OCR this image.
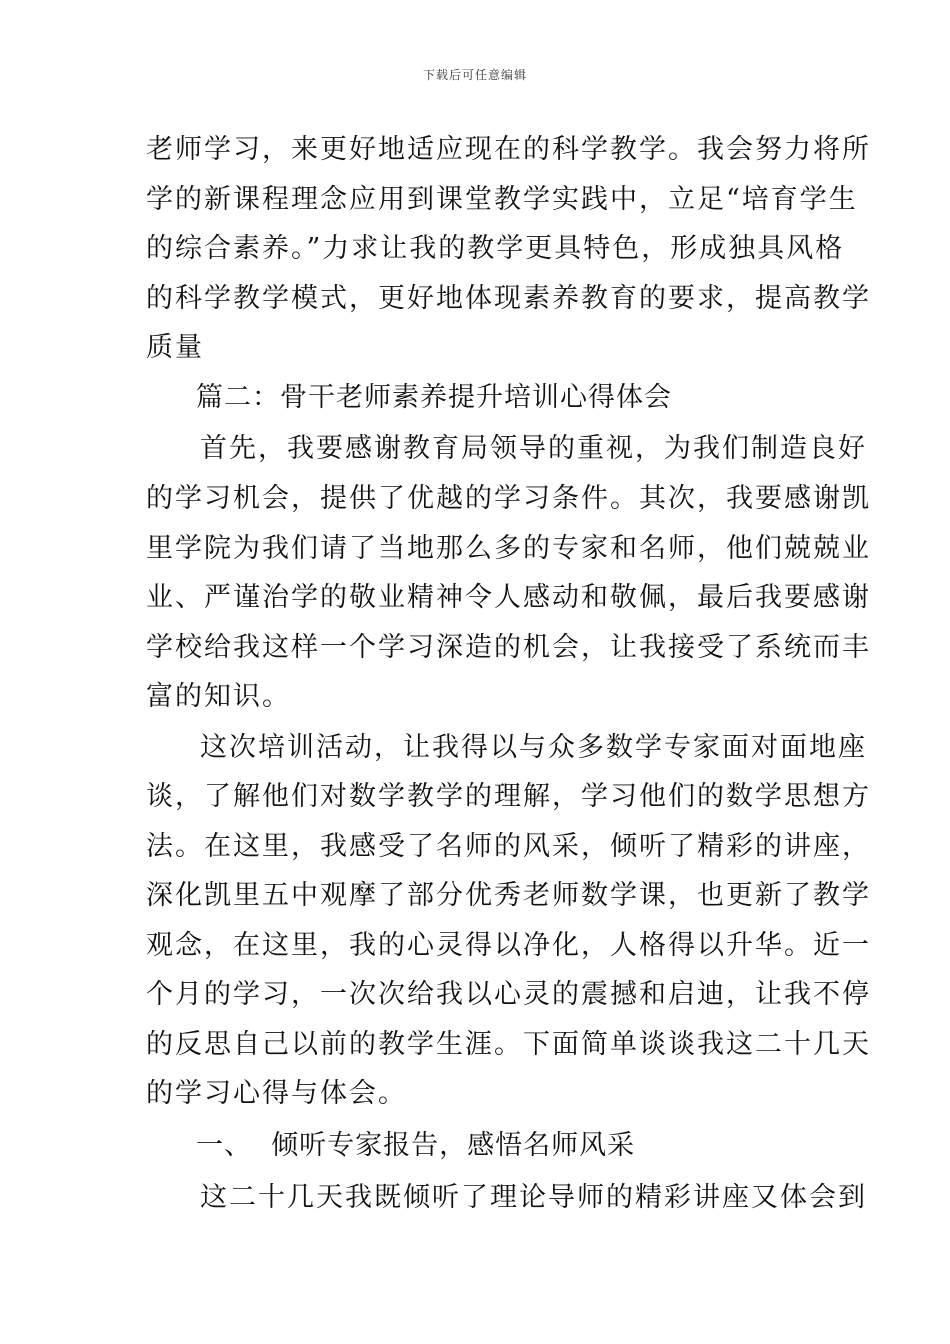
下载后可任意编辑
老师学习，来更好地适应现在的科学教学。我会努力将所
学的新课程理念应用到课堂教学实践中，立足“培育学生
的综合素养。”力求让我的教学更具特色，形成独具风格
的科学教学模式，更好地体现素养教育的要求，提高教学
质量
篇二：骨干老师素养提升培训心得体会
首先，我要感谢教育局领导的重视，为我们制造良好
的学习机会，提供了优越的学习条件。其次，我要感谢凯
里学院为我们请了当地那么多的专家和名师，他们兢兢业
业、严谨治学的敬业精神令人感动和敬佩，最后我要感谢
学校给我这样一个学习深造的机会，让我接受了系统而丰
富的知识。
这次培训活动，让我得以与众多数学专家面对面地座
谈，了解他们对数学教学的理解，学习他们的数学思想方
法。在这里，我感受了名师的风采，倾听了精彩的讲座，
深化凯里五中观摩了部分优秀老师数学课，也更新了教学
观念，在这里，我的心灵得以净化，人格得以升华。近一
个月的学习，一次次给我以心灵的震撼和启迪，让我不停
的反思自己以前的教学生涯。下面简单谈谈我这二十几天
的学习心得与体会。
一、  倾听专家报告，感悟名师风采
这二十几天我既倾听了理论导师的精彩讲座又体会到
